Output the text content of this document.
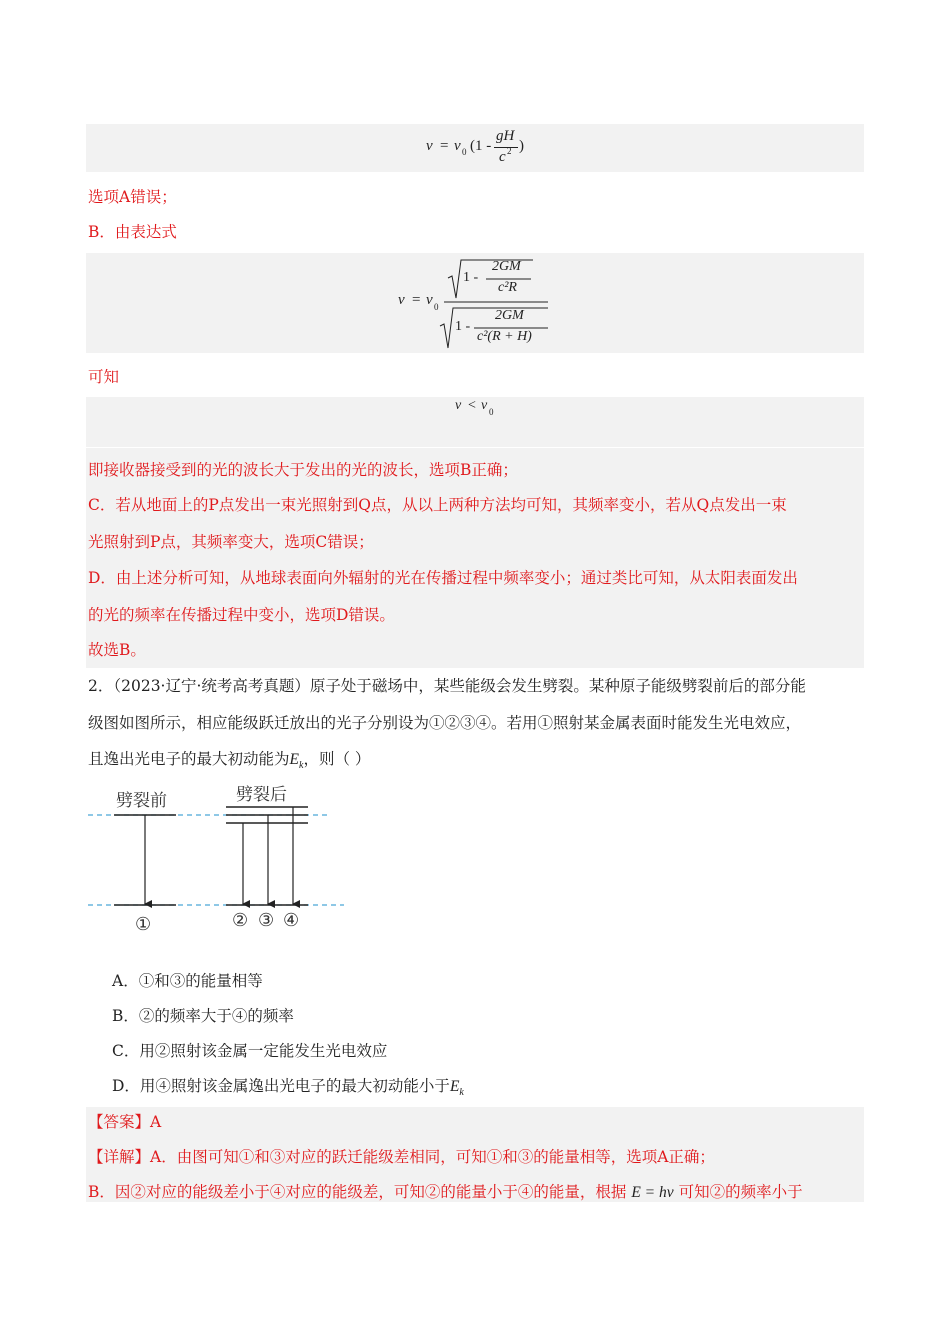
ν = ν 0 (1 -
gH
c 2 )
选项A错误；
B．由表达式
ν = ν 0
1 -
2GM
c²R
1 -
2GM
c²(R + H)
可知
ν < ν 0
即接收器接受到的光的波长大于发出的光的波长，选项B正确；
C．若从地面上的P点发出一束光照射到Q点，从以上两种方法均可知，其频率变小，若从Q点发出一束
光照射到P点，其频率变大，选项C错误；
D．由上述分析可知，从地球表面向外辐射的光在传播过程中频率变小；通过类比可知，从太阳表面发出
的光的频率在传播过程中变小，选项D错误。
故选B。
2．（2023·辽宁·统考高考真题）原子处于磁场中，某些能级会发生劈裂。某种原子能级劈裂前后的部分能
级图如图所示，相应能级跃迁放出的光子分别设为①②③④。若用①照射某金属表面时能发生光电效应，
且逸出光电子的最大初动能为$E_k$，则（ ）
劈裂前	劈裂后
①	② ③ ④
A．①和③的能量相等
B．②的频率大于④的频率
C．用②照射该金属一定能发生光电效应
D．用④照射该金属逸出光电子的最大初动能小于$E_k$
【答案】A
【详解】A．由图可知①和③对应的跃迁能级差相同，可知①和③的能量相等，选项A正确；
B．因②对应的能级差小于④对应的能级差，可知②的能量小于④的能量，根据 E = hν 可知②的频率小于
